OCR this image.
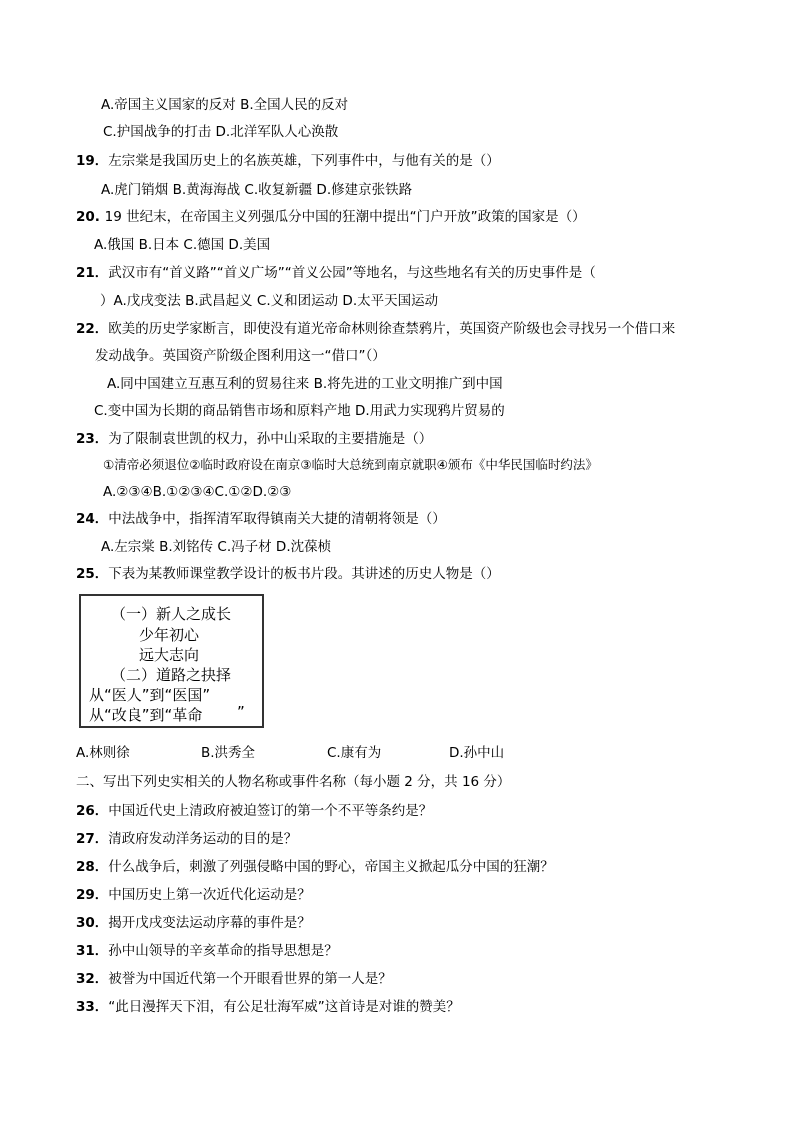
A.帝国主义国家的反对 B.全国人民的反对
C.护国战争的打击 D.北洋军队人心涣散
19．左宗棠是我国历史上的名族英雄，下列事件中，与他有关的是（）
A.虎门销烟 B.黄海海战 C.收复新疆 D.修建京张铁路
20. 19 世纪末，在帝国主义列强瓜分中国的狂潮中提出“门户开放”政策的国家是（）
A.俄国 B.日本 C.德国 D.美国
21．武汉市有“首义路”“首义广场”“首义公园”等地名，与这些地名有关的历史事件是（
）A.戊戌变法 B.武昌起义 C.义和团运动 D.太平天国运动
22．欧美的历史学家断言，即使没有道光帝命林则徐查禁鸦片，英国资产阶级也会寻找另一个借口来
发动战争。英国资产阶级企图利用这一“借口”（）
A.同中国建立互惠互利的贸易往来 B.将先进的工业文明推广到中国
C.变中国为长期的商品销售市场和原料产地 D.用武力实现鸦片贸易的
23．为了限制袁世凯的权力，孙中山采取的主要措施是（）
①清帝必须退位②临时政府设在南京③临时大总统到南京就职④颁布《中华民国临时约法》
A.②③④B.①②③④C.①②D.②③
24．中法战争中，指挥清军取得镇南关大捷的清朝将领是（）
A.左宗棠 B.刘铭传 C.冯子材 D.沈葆桢
25．下表为某教师课堂教学设计的板书片段。其讲述的历史人物是（）
（一）新人之成长
少年初心
远大志向
（二）道路之抉择
从“医人”到“医国”
从“改良”到“革命 ”
A.林则徐	B.洪秀全	C.康有为	D.孙中山
二、写出下列史实相关的人物名称或事件名称（每小题 2 分，共 16 分）
26．中国近代史上清政府被迫签订的第一个不平等条约是？
27．清政府发动洋务运动的目的是？
28．什么战争后，刺激了列强侵略中国的野心，帝国主义掀起瓜分中国的狂潮？
29．中国历史上第一次近代化运动是？
30．揭开戊戌变法运动序幕的事件是？
31．孙中山领导的辛亥革命的指导思想是？
32．被誉为中国近代第一个开眼看世界的第一人是？
33．“此日漫挥天下泪，有公足壮海军威”这首诗是对谁的赞美？
